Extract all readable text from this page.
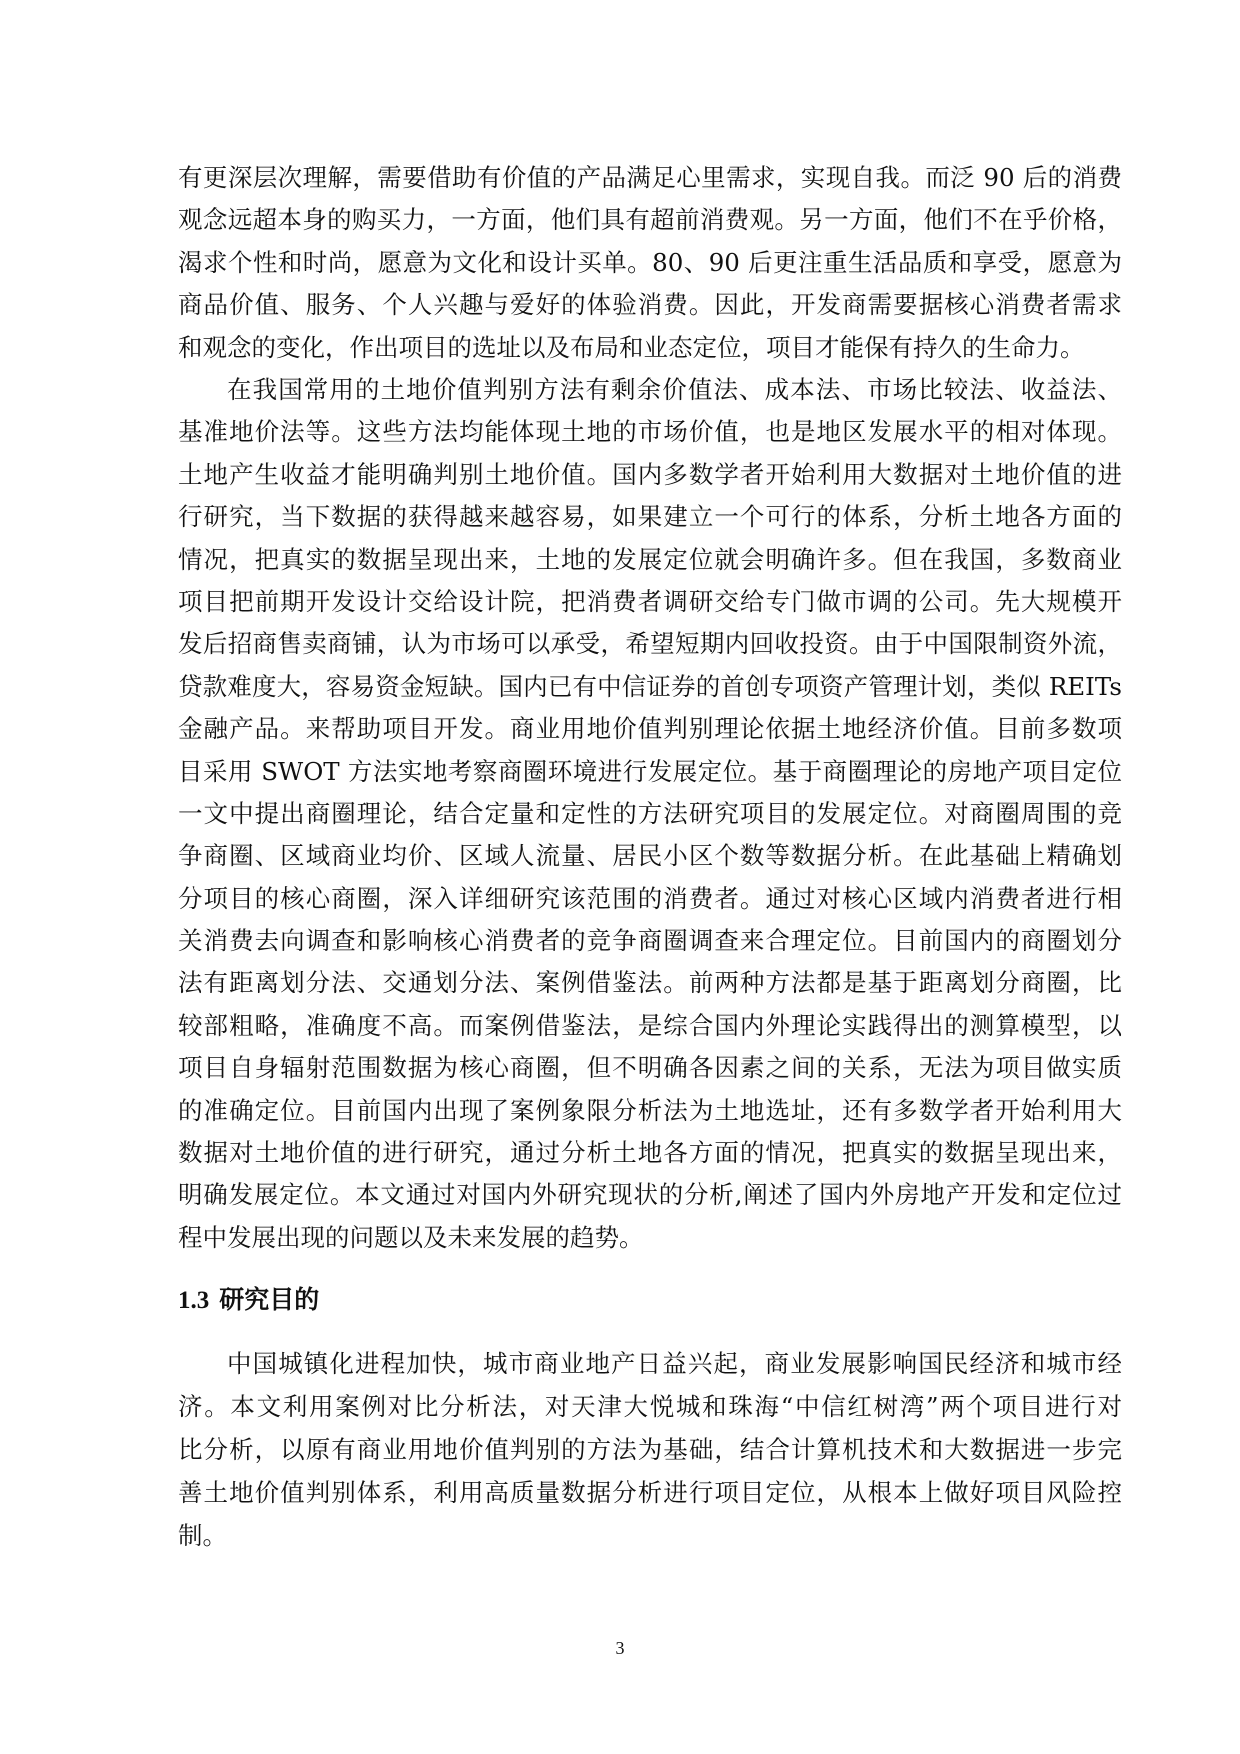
有更深层次理解，需要借助有价值的产品满足心里需求，实现自我。而泛 90 后的消费
观念远超本身的购买力，一方面，他们具有超前消费观。另一方面，他们不在乎价格，
渴求个性和时尚，愿意为文化和设计买单。80、90 后更注重生活品质和享受，愿意为
商品价值、服务、个人兴趣与爱好的体验消费。因此，开发商需要据核心消费者需求
和观念的变化，作出项目的选址以及布局和业态定位，项目才能保有持久的生命力。
在我国常用的土地价值判别方法有剩余价值法、成本法、市场比较法、收益法、
基准地价法等。这些方法均能体现土地的市场价值，也是地区发展水平的相对体现。
土地产生收益才能明确判别土地价值。国内多数学者开始利用大数据对土地价值的进
行研究，当下数据的获得越来越容易，如果建立一个可行的体系，分析土地各方面的
情况，把真实的数据呈现出来，土地的发展定位就会明确许多。但在我国，多数商业
项目把前期开发设计交给设计院，把消费者调研交给专门做市调的公司。先大规模开
发后招商售卖商铺，认为市场可以承受，希望短期内回收投资。由于中国限制资外流，
贷款难度大，容易资金短缺。国内已有中信证券的首创专项资产管理计划，类似 REITs
金融产品。来帮助项目开发。商业用地价值判别理论依据土地经济价值。目前多数项
目采用 SWOT 方法实地考察商圈环境进行发展定位。基于商圈理论的房地产项目定位
一文中提出商圈理论，结合定量和定性的方法研究项目的发展定位。对商圈周围的竞
争商圈、区域商业均价、区域人流量、居民小区个数等数据分析。在此基础上精确划
分项目的核心商圈，深入详细研究该范围的消费者。通过对核心区域内消费者进行相
关消费去向调查和影响核心消费者的竞争商圈调查来合理定位。目前国内的商圈划分
法有距离划分法、交通划分法、案例借鉴法。前两种方法都是基于距离划分商圈，比
较部粗略，准确度不高。而案例借鉴法，是综合国内外理论实践得出的测算模型，以
项目自身辐射范围数据为核心商圈，但不明确各因素之间的关系，无法为项目做实质
的准确定位。目前国内出现了案例象限分析法为土地选址，还有多数学者开始利用大
数据对土地价值的进行研究，通过分析土地各方面的情况，把真实的数据呈现出来，
明确发展定位。本文通过对国内外研究现状的分析,阐述了国内外房地产开发和定位过
程中发展出现的问题以及未来发展的趋势。
1.3 研究目的
中国城镇化进程加快，城市商业地产日益兴起，商业发展影响国民经济和城市经
济。本文利用案例对比分析法，对天津大悦城和珠海“中信红树湾”两个项目进行对
比分析，以原有商业用地价值判别的方法为基础，结合计算机技术和大数据进一步完
善土地价值判别体系，利用高质量数据分析进行项目定位，从根本上做好项目风险控
制。
3
